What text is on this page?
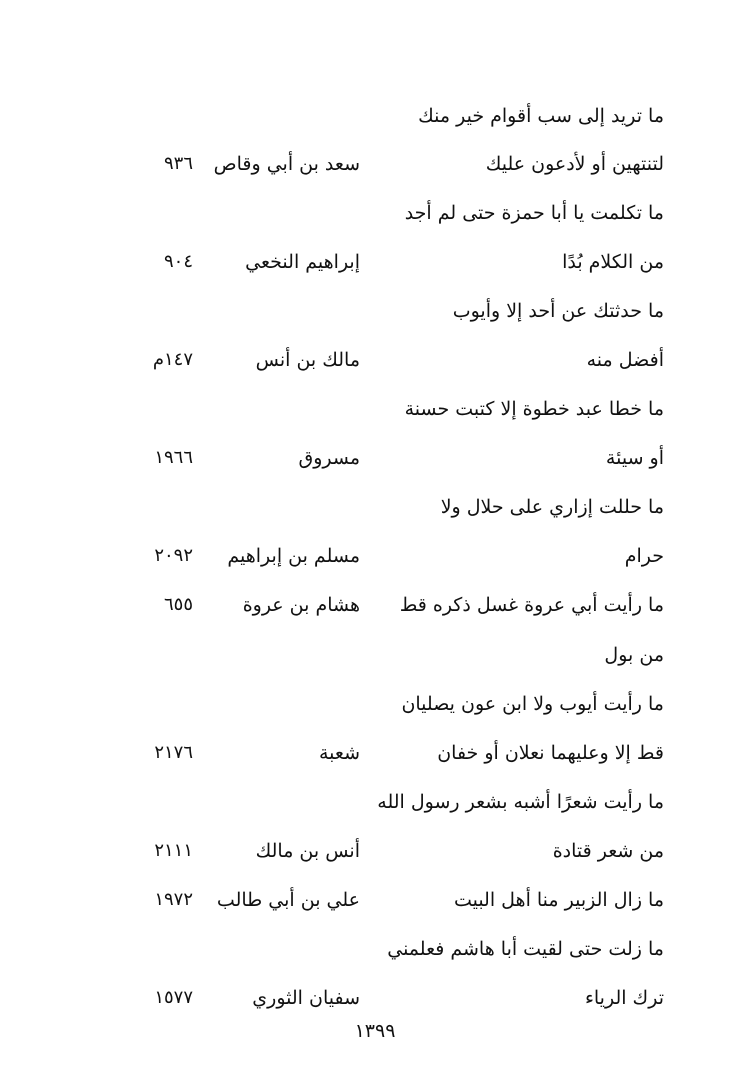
ما تريد إلى سب أقوام خير منك
لتنتهين أو لأدعون عليك
سعد بن أبي وقاص
٩٣٦
ما تكلمت يا أبا حمزة حتى لم أجد
من الكلام بُدًا
إبراهيم النخعي
٩٠٤
ما حدثتك عن أحد إلا وأيوب
أفضل منه
مالك بن أنس
١٤٧م
ما خطا عبد خطوة إلا كتبت حسنة
أو سيئة
مسروق
١٩٦٦
ما حللت إزاري على حلال ولا
حرام
مسلم بن إبراهيم
٢٠٩٢
ما رأيت أبي عروة غسل ذكره قط
هشام بن عروة
٦٥٥
من بول
ما رأيت أيوب ولا ابن عون يصليان
قط إلا وعليهما نعلان أو خفان
شعبة
٢١٧٦
ما رأيت شعرًا أشبه بشعر رسول الله
من شعر قتادة
أنس بن مالك
٢١١١
ما زال الزبير منا أهل البيت
علي بن أبي طالب
١٩٧٢
ما زلت حتى لقيت أبا هاشم فعلمني
ترك الرياء
سفيان الثوري
١٥٧٧
١٣٩٩
